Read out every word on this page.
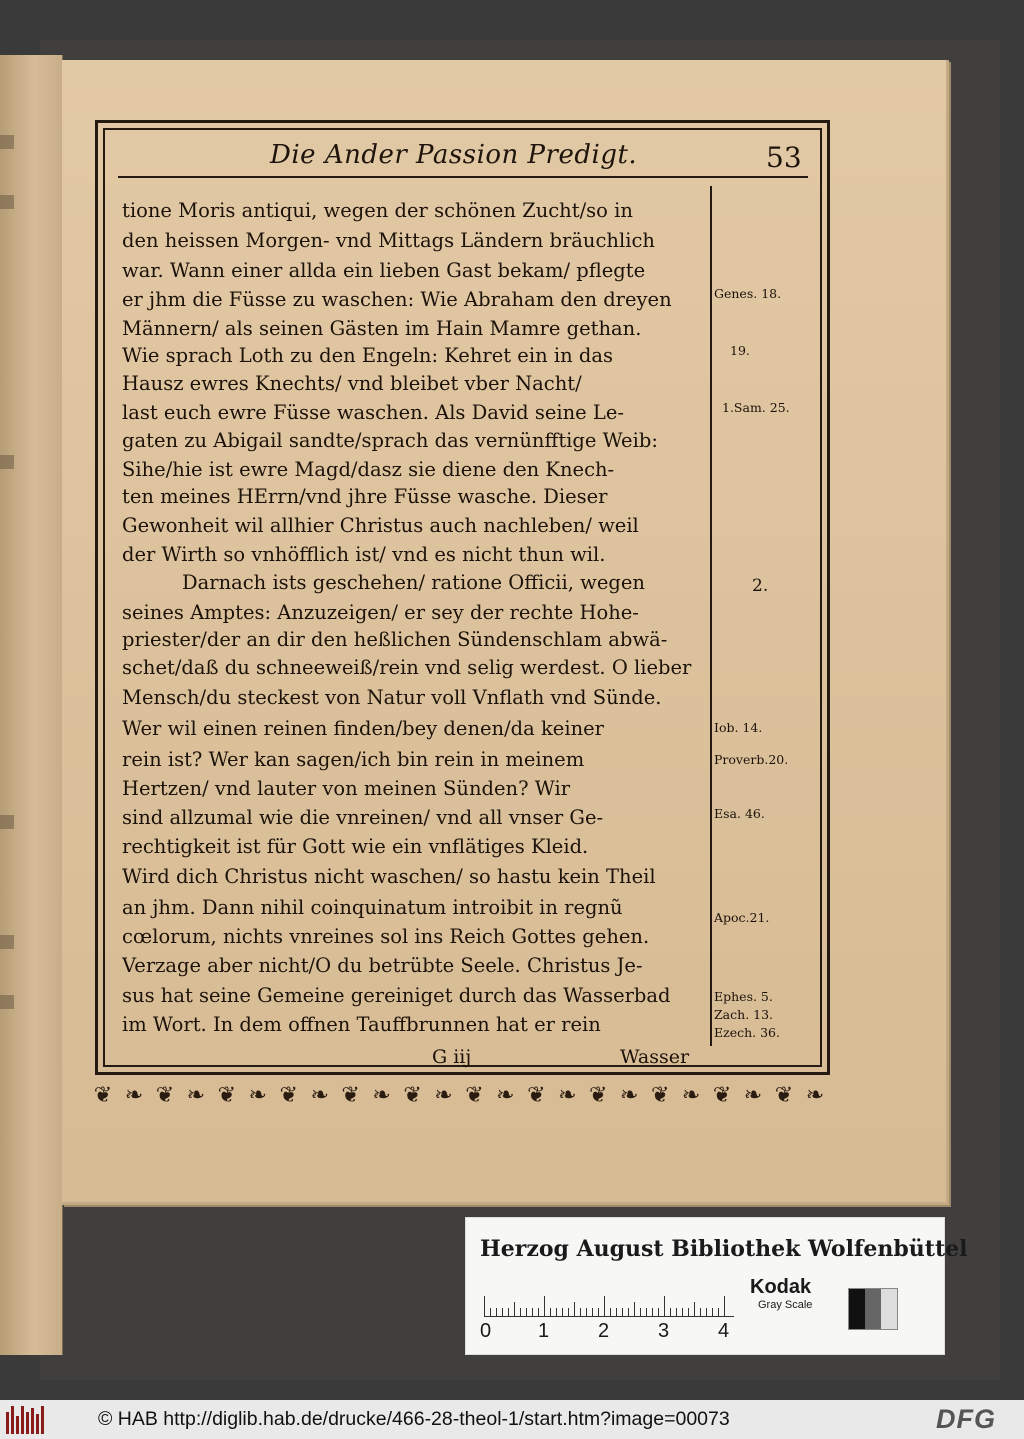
Die Ander Passion Predigt.	53
tione Moris antiqui, wegen der schönen Zucht/so in
den heissen Morgen- vnd Mittags Ländern bräuchlich
war. Wann einer allda ein lieben Gast bekam/ pflegte
er jhm die Füsse zu waschen: Wie Abraham den dreyen
Männern/ als seinen Gästen im Hain Mamre gethan.
Wie sprach Loth zu den Engeln: Kehret ein in das
Hausz ewres Knechts/ vnd bleibet vber Nacht/
last euch ewre Füsse waschen. Als David seine Le-
gaten zu Abigail sandte/sprach das vernünfftige Weib:
Sihe/hie ist ewre Magd/dasz sie diene den Knech-
ten meines HErrn/vnd jhre Füsse wasche. Dieser
Gewonheit wil allhier Christus auch nachleben/ weil
der Wirth so vnhöfflich ist/ vnd es nicht thun wil.
Darnach ists geschehen/ ratione Officii, wegen
seines Amptes: Anzuzeigen/ er sey der rechte Hohe-
priester/der an dir den heßlichen Sündenschlam abwä-
schet/daß du schneeweiß/rein vnd selig werdest. O lieber
Mensch/du steckest von Natur voll Vnflath vnd Sünde.
Wer wil einen reinen finden/bey denen/da keiner
rein ist? Wer kan sagen/ich bin rein in meinem
Hertzen/ vnd lauter von meinen Sünden? Wir
sind allzumal wie die vnreinen/ vnd all vnser Ge-
rechtigkeit ist für Gott wie ein vnflätiges Kleid.
Wird dich Christus nicht waschen/ so hastu kein Theil
an jhm. Dann nihil coinquinatum introibit in regnũ
cœlorum, nichts vnreines sol ins Reich Gottes gehen.
Verzage aber nicht/O du betrübte Seele. Christus Je-
sus hat seine Gemeine gereiniget durch das Wasserbad
im Wort. In dem offnen Tauffbrunnen hat er rein
Genes. 18.
19.
1.Sam. 25.
2.
Iob. 14.
Proverb.20.
Esa. 46.
Apoc.21.
Ephes. 5.
Zach. 13.
Ezech. 36.
G iij	Wasser
❦ ❧ ❦ ❧ ❦ ❧ ❦ ❧ ❦ ❧ ❦ ❧ ❦ ❧ ❦ ❧ ❦ ❧ ❦ ❧ ❦ ❧ ❦ ❧
Herzog August Bibliothek Wolfenbüttel
0 1 2 3 4
Kodak
Gray Scale
© HAB http://diglib.hab.de/drucke/466-28-theol-1/start.htm?image=00073	DFG
